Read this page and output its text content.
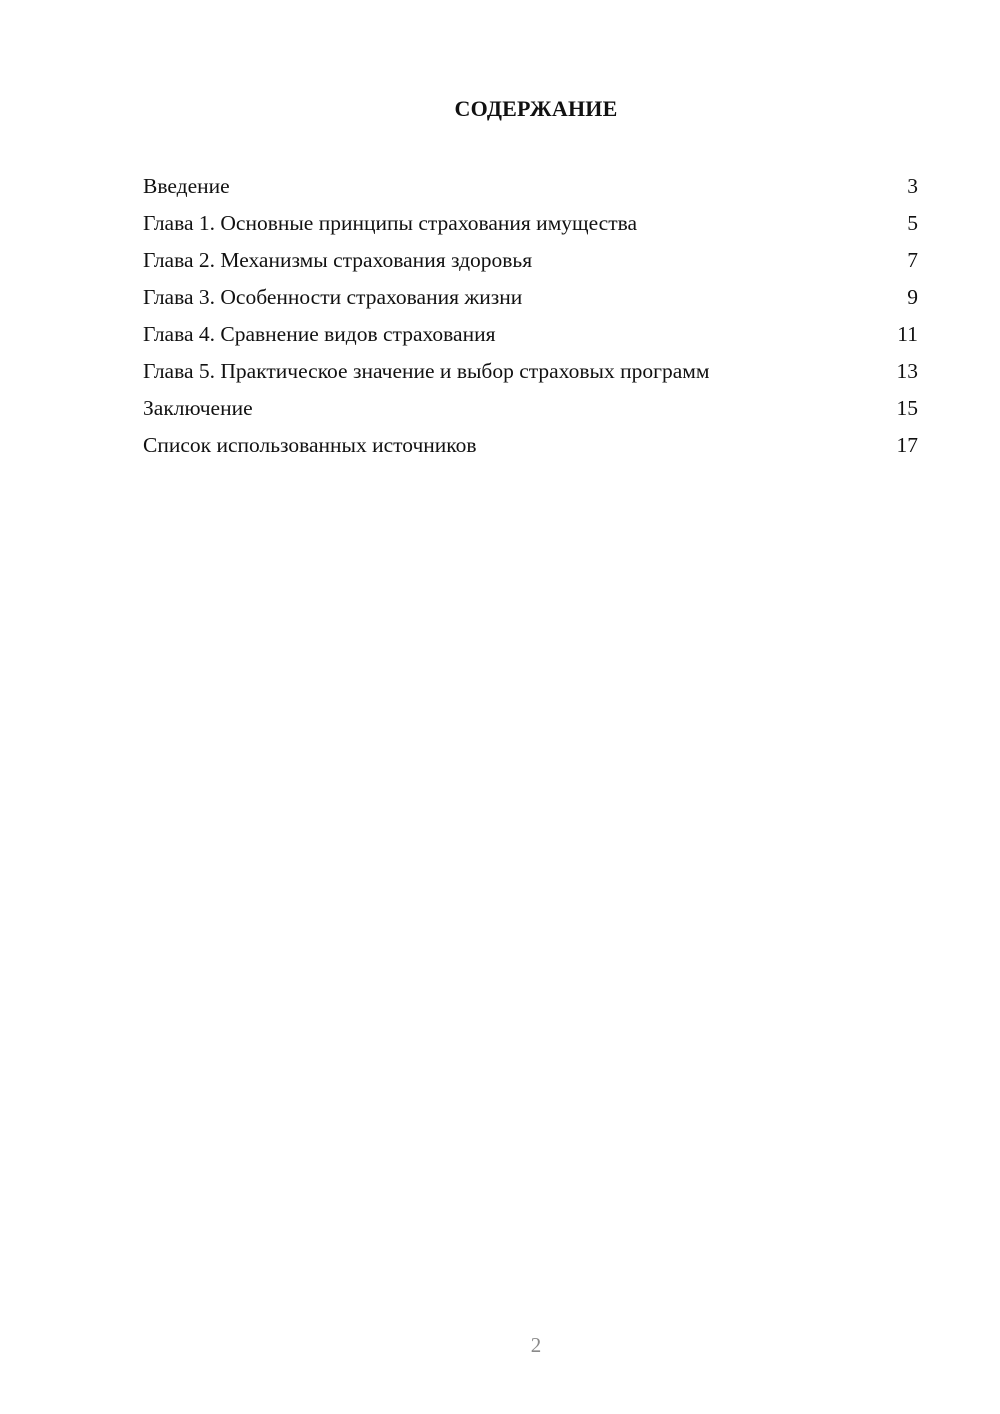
СОДЕРЖАНИЕ
Введение	3
Глава 1. Основные принципы страхования имущества	5
Глава 2. Механизмы страхования здоровья	7
Глава 3. Особенности страхования жизни	9
Глава 4. Сравнение видов страхования	11
Глава 5. Практическое значение и выбор страховых программ	13
Заключение	15
Список использованных источников	17
2
